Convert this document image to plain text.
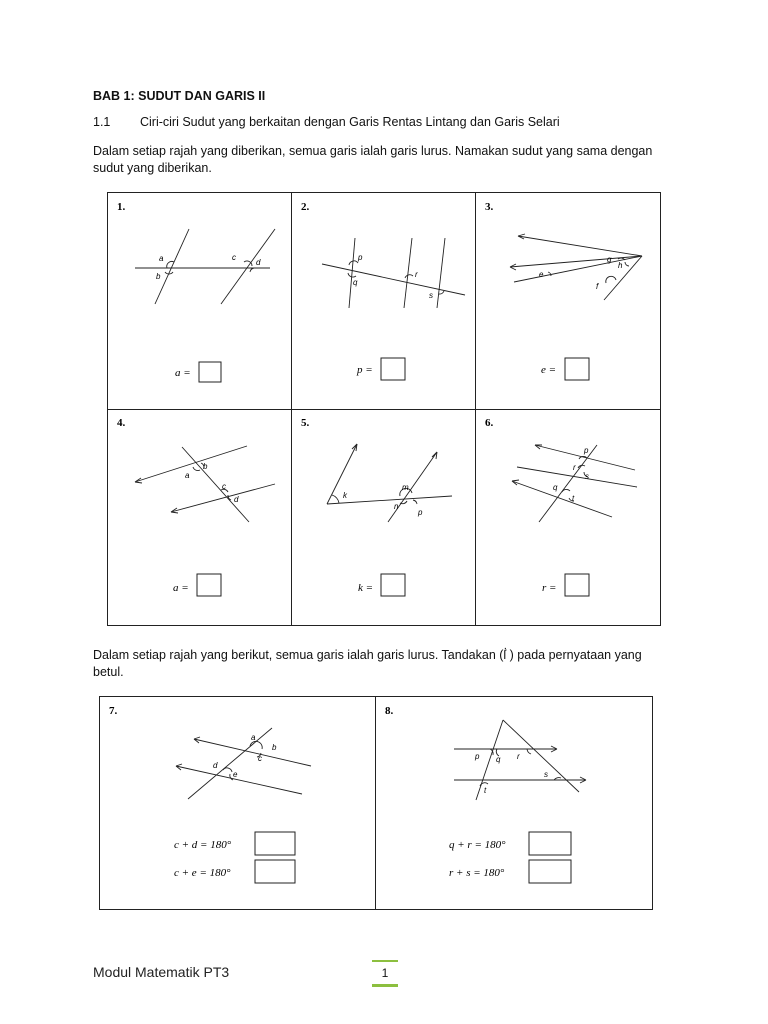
BAB 1: SUDUT DAN GARIS II
1.1 Ciri-ciri Sudut yang berkaitan dengan Garis Rentas Lintang dan Garis Selari
Dalam setiap rajah yang diberikan, semua garis ialah garis lurus. Namakan sudut yang sama dengan sudut yang diberikan.
1.
a
b
c
d
a =
2.
p
q
r
s
p =
3.
e
f
g
h
e =
4.
a
b
c
d
a =
5.
k
m
n
p
k =
6.
p
r
s
q
t
r =
Dalam setiap rajah yang berikut, semua garis ialah garis lurus. Tandakan (ẛ ) pada pernyataan yang betul.
7.
a
b
c
d
e
c + d = 180°
c + e = 180°
8.
p q r
s
t
q + r = 180°
r + s = 180°
Modul Matematik PT3	1
